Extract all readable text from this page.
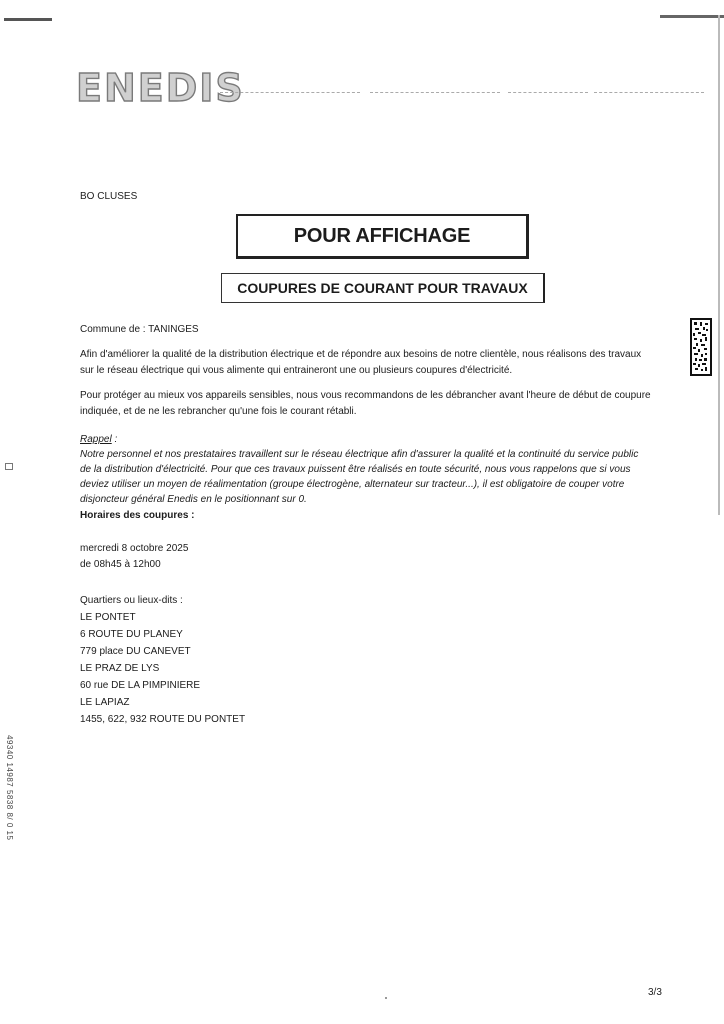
ENEDIS
BO CLUSES
POUR AFFICHAGE
COUPURES DE COURANT POUR TRAVAUX
Commune de : TANINGES
Afin d'améliorer la qualité de la distribution électrique et de répondre aux besoins de notre clientèle, nous réalisons des travaux
sur le réseau électrique qui vous alimente qui entraineront une ou plusieurs coupures d'électricité.
Pour protéger au mieux vos appareils sensibles, nous vous recommandons de les débrancher avant l'heure de début de coupure
indiquée, et de ne les rebrancher qu'une fois le courant rétabli.
Rappel :
Notre personnel et nos prestataires travaillent sur le réseau électrique afin d'assurer la qualité et la continuité du service public
de la distribution d'électricité. Pour que ces travaux puissent être réalisés en toute sécurité, nous vous rappelons que si vous
deviez utiliser un moyen de réalimentation (groupe électrogène, alternateur sur tracteur...), il est obligatoire de couper votre
disjoncteur général Enedis en le positionnant sur 0.
Horaires des coupures :
mercredi 8 octobre 2025
de 08h45 à 12h00
Quartiers ou lieux-dits :
LE PONTET
6 ROUTE DU PLANEY
779 place DU CANEVET
LE PRAZ DE LYS
60 rue DE LA PIMPINIERE
LE LAPIAZ
1455, 622, 932 ROUTE DU PONTET
49340 14987 5838 8/ 0 15
3/3
